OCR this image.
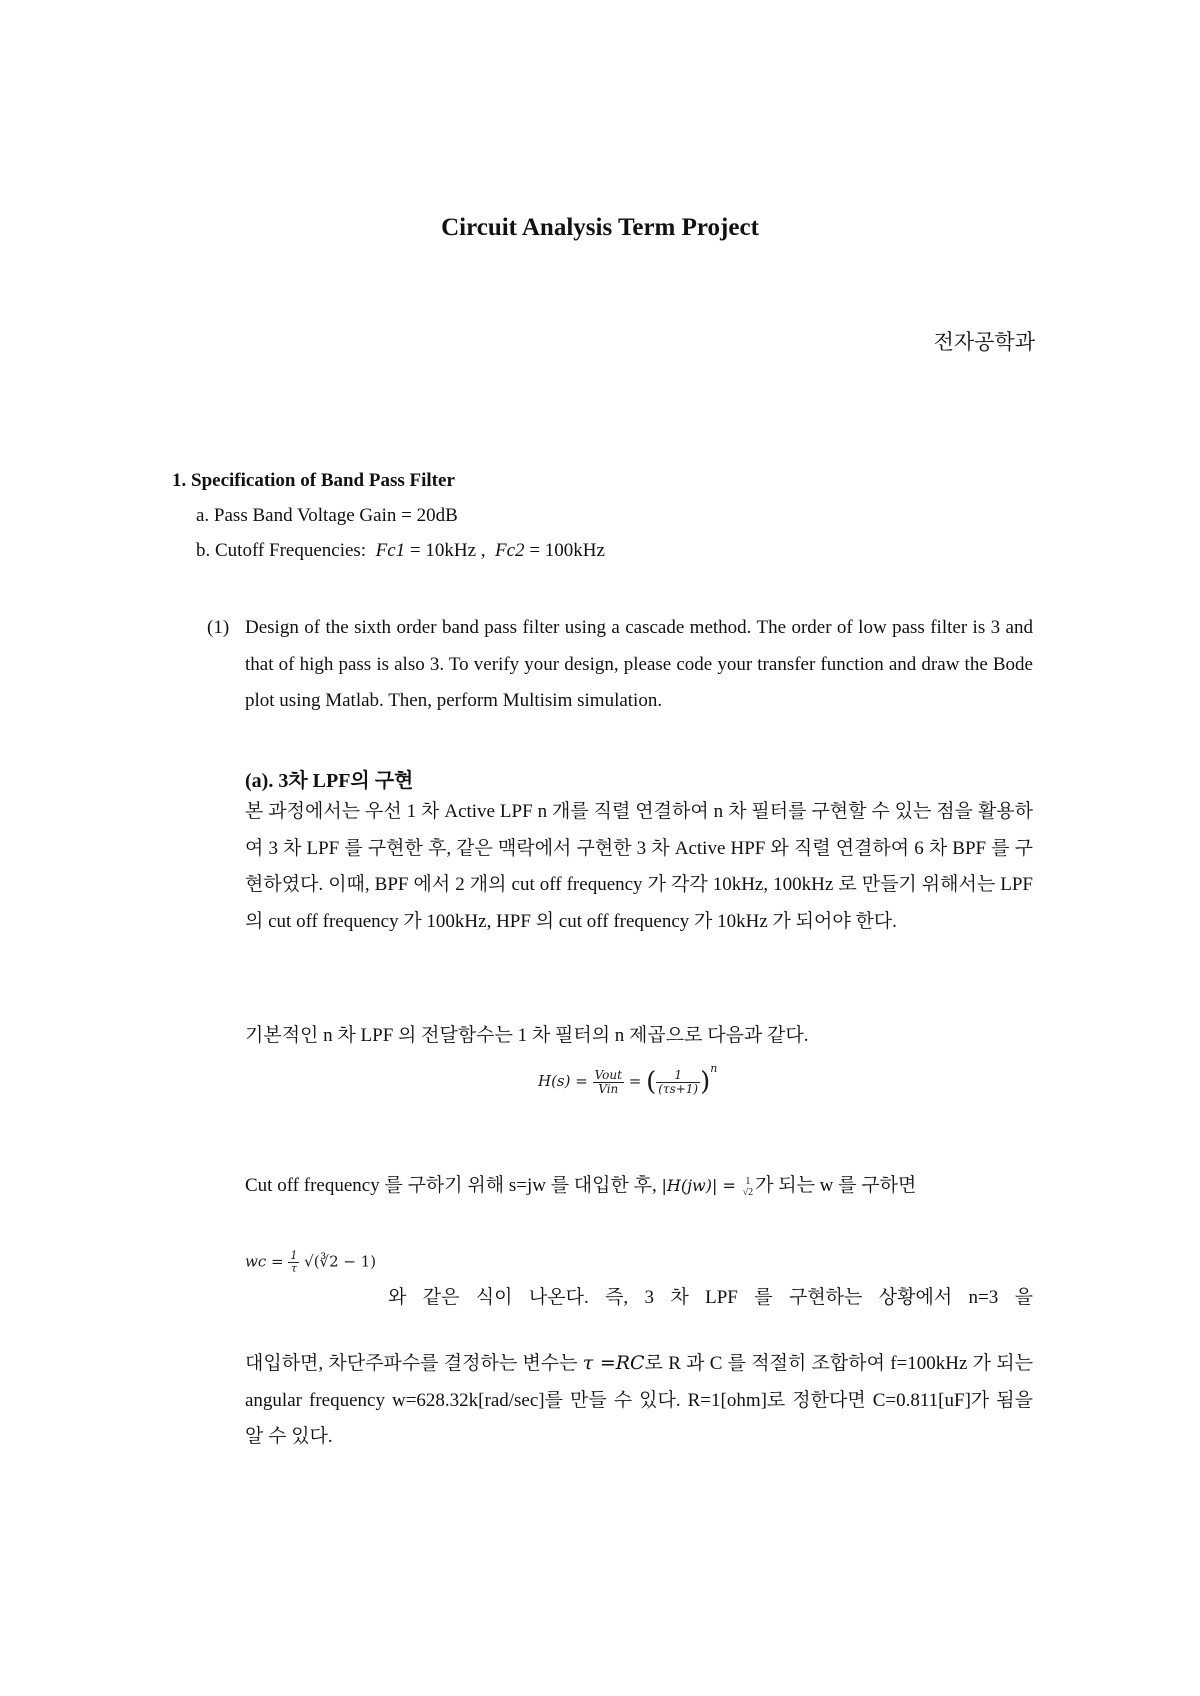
Circuit Analysis Term Project
전자공학과
1. Specification of Band Pass Filter
a. Pass Band Voltage Gain = 20dB
b. Cutoff Frequencies: Fc1 = 10kHz , Fc2 = 100kHz
(1) Design of the sixth order band pass filter using a cascade method. The order of low pass filter is 3 and that of high pass is also 3. To verify your design, please code your transfer function and draw the Bode plot using Matlab. Then, perform Multisim simulation.
(a). 3차 LPF의 구현
본 과정에서는 우선 1 차 Active LPF n 개를 직렬 연결하여 n 차 필터를 구현할 수 있는 점을 활용하여 3 차 LPF 를 구현한 후, 같은 맥락에서 구현한 3 차 Active HPF 와 직렬 연결하여 6 차 BPF 를 구현하였다. 이때, BPF 에서 2 개의 cut off frequency 가 각각 10kHz, 100kHz 로 만들기 위해서는 LPF 의 cut off frequency 가 100kHz, HPF 의 cut off frequency 가 10kHz 가 되어야 한다.
기본적인 n 차 LPF 의 전달함수는 1 차 필터의 n 제곱으로 다음과 같다.
$H(s) = \frac{\text{Vout}}{\text{Vin}}$ = ( $\frac{1}{(\tau s+1)} )^n$
Cut off frequency 를 구하기 위해 s=jw 를 대입한 후, |H(jw)| = 1
√2 가 되는 w 를 구하면
wc = $\frac{1}{\tau}$ √(∛2 − 1)
와 같은 식이 나온다. 즉, 3 차 LPF 를 구현하는 상황에서 n=3 을
대입하면, 차단주파수를 결정하는 변수는 τ =RC로 R 과 C 를 적절히 조합하여 f=100kHz 가 되는 angular frequency w=628.32k[rad/sec]를 만들 수 있다. R=1[ohm]로 정한다면 C=0.811[uF]가 됨을 알 수 있다.
